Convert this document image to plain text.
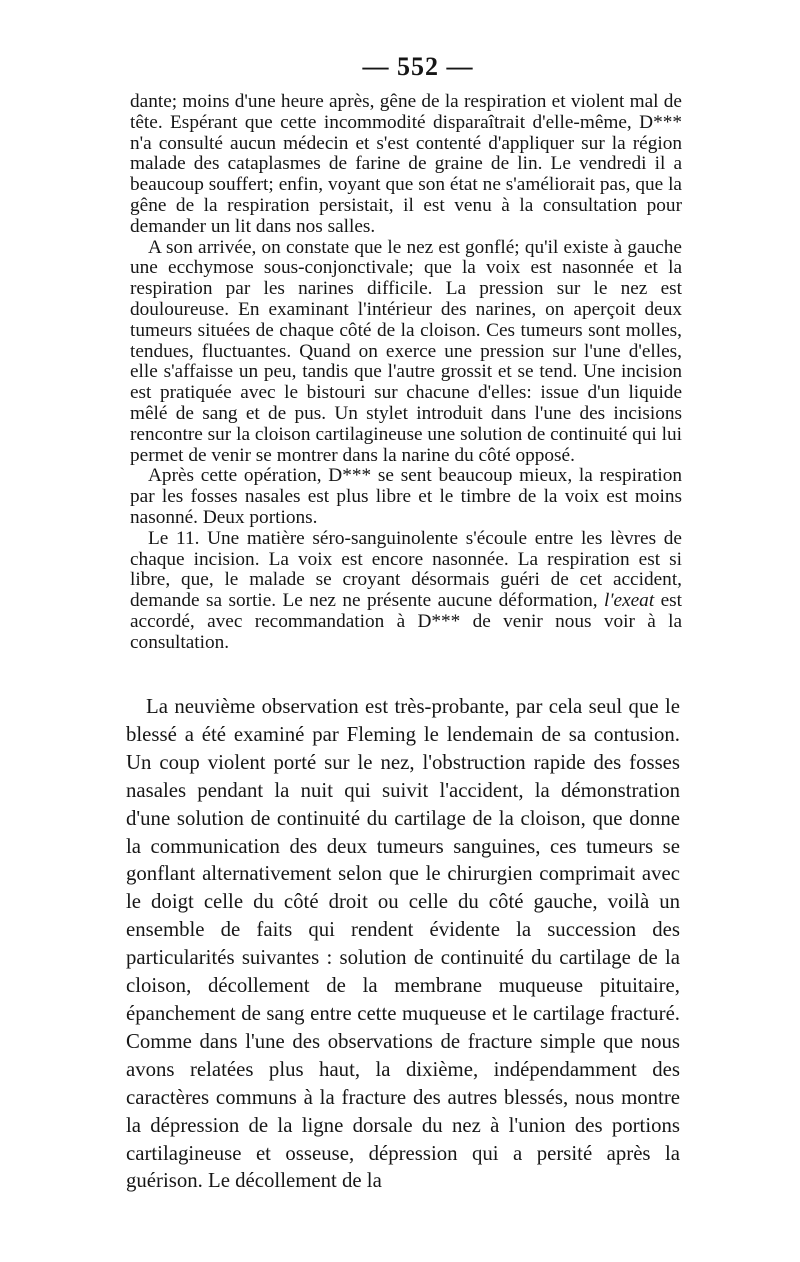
— 552 —

dante; moins d'une heure après, gêne de la respiration et violent mal de tête. Espérant que cette incommodité disparaîtrait d'elle-même, D*** n'a consulté aucun médecin et s'est contenté d'appliquer sur la région malade des cataplasmes de farine de graine de lin. Le vendredi il a beaucoup souffert; enfin, voyant que son état ne s'améliorait pas, que la gêne de la respiration persistait, il est venu à la consultation pour demander un lit dans nos salles.

A son arrivée, on constate que le nez est gonflé; qu'il existe à gauche une ecchymose sous-conjonctivale; que la voix est nasonnée et la respiration par les narines difficile. La pression sur le nez est douloureuse. En examinant l'intérieur des narines, on aperçoit deux tumeurs situées de chaque côté de la cloison. Ces tumeurs sont molles, tendues, fluctuantes. Quand on exerce une pression sur l'une d'elles, elle s'affaisse un peu, tandis que l'autre grossit et se tend. Une incision est pratiquée avec le bistouri sur chacune d'elles: issue d'un liquide mêlé de sang et de pus. Un stylet introduit dans l'une des incisions rencontre sur la cloison cartilagineuse une solution de continuité qui lui permet de venir se montrer dans la narine du côté opposé.

Après cette opération, D*** se sent beaucoup mieux, la respiration par les fosses nasales est plus libre et le timbre de la voix est moins nasonné. Deux portions.

Le 11. Une matière séro-sanguinolente s'écoule entre les lèvres de chaque incision. La voix est encore nasonnée. La respiration est si libre, que, le malade se croyant désormais guéri de cet accident, demande sa sortie. Le nez ne présente aucune déformation, l'exeat est accordé, avec recommandation à D*** de venir nous voir à la consultation.

La neuvième observation est très-probante, par cela seul que le blessé a été examiné par Fleming le lendemain de sa contusion. Un coup violent porté sur le nez, l'obstruction rapide des fosses nasales pendant la nuit qui suivit l'accident, la démonstration d'une solution de continuité du cartilage de la cloison, que donne la communication des deux tumeurs sanguines, ces tumeurs se gonflant alternativement selon que le chirurgien comprimait avec le doigt celle du côté droit ou celle du côté gauche, voilà un ensemble de faits qui rendent évidente la succession des particularités suivantes : solution de continuité du cartilage de la cloison, décollement de la membrane muqueuse pituitaire, épanchement de sang entre cette muqueuse et le cartilage fracturé. Comme dans l'une des observations de fracture simple que nous avons relatées plus haut, la dixième, indépendamment des caractères communs à la fracture des autres blessés, nous montre la dépression de la ligne dorsale du nez à l'union des portions cartilagineuse et osseuse, dépression qui a persité après la guérison. Le décollement de la
